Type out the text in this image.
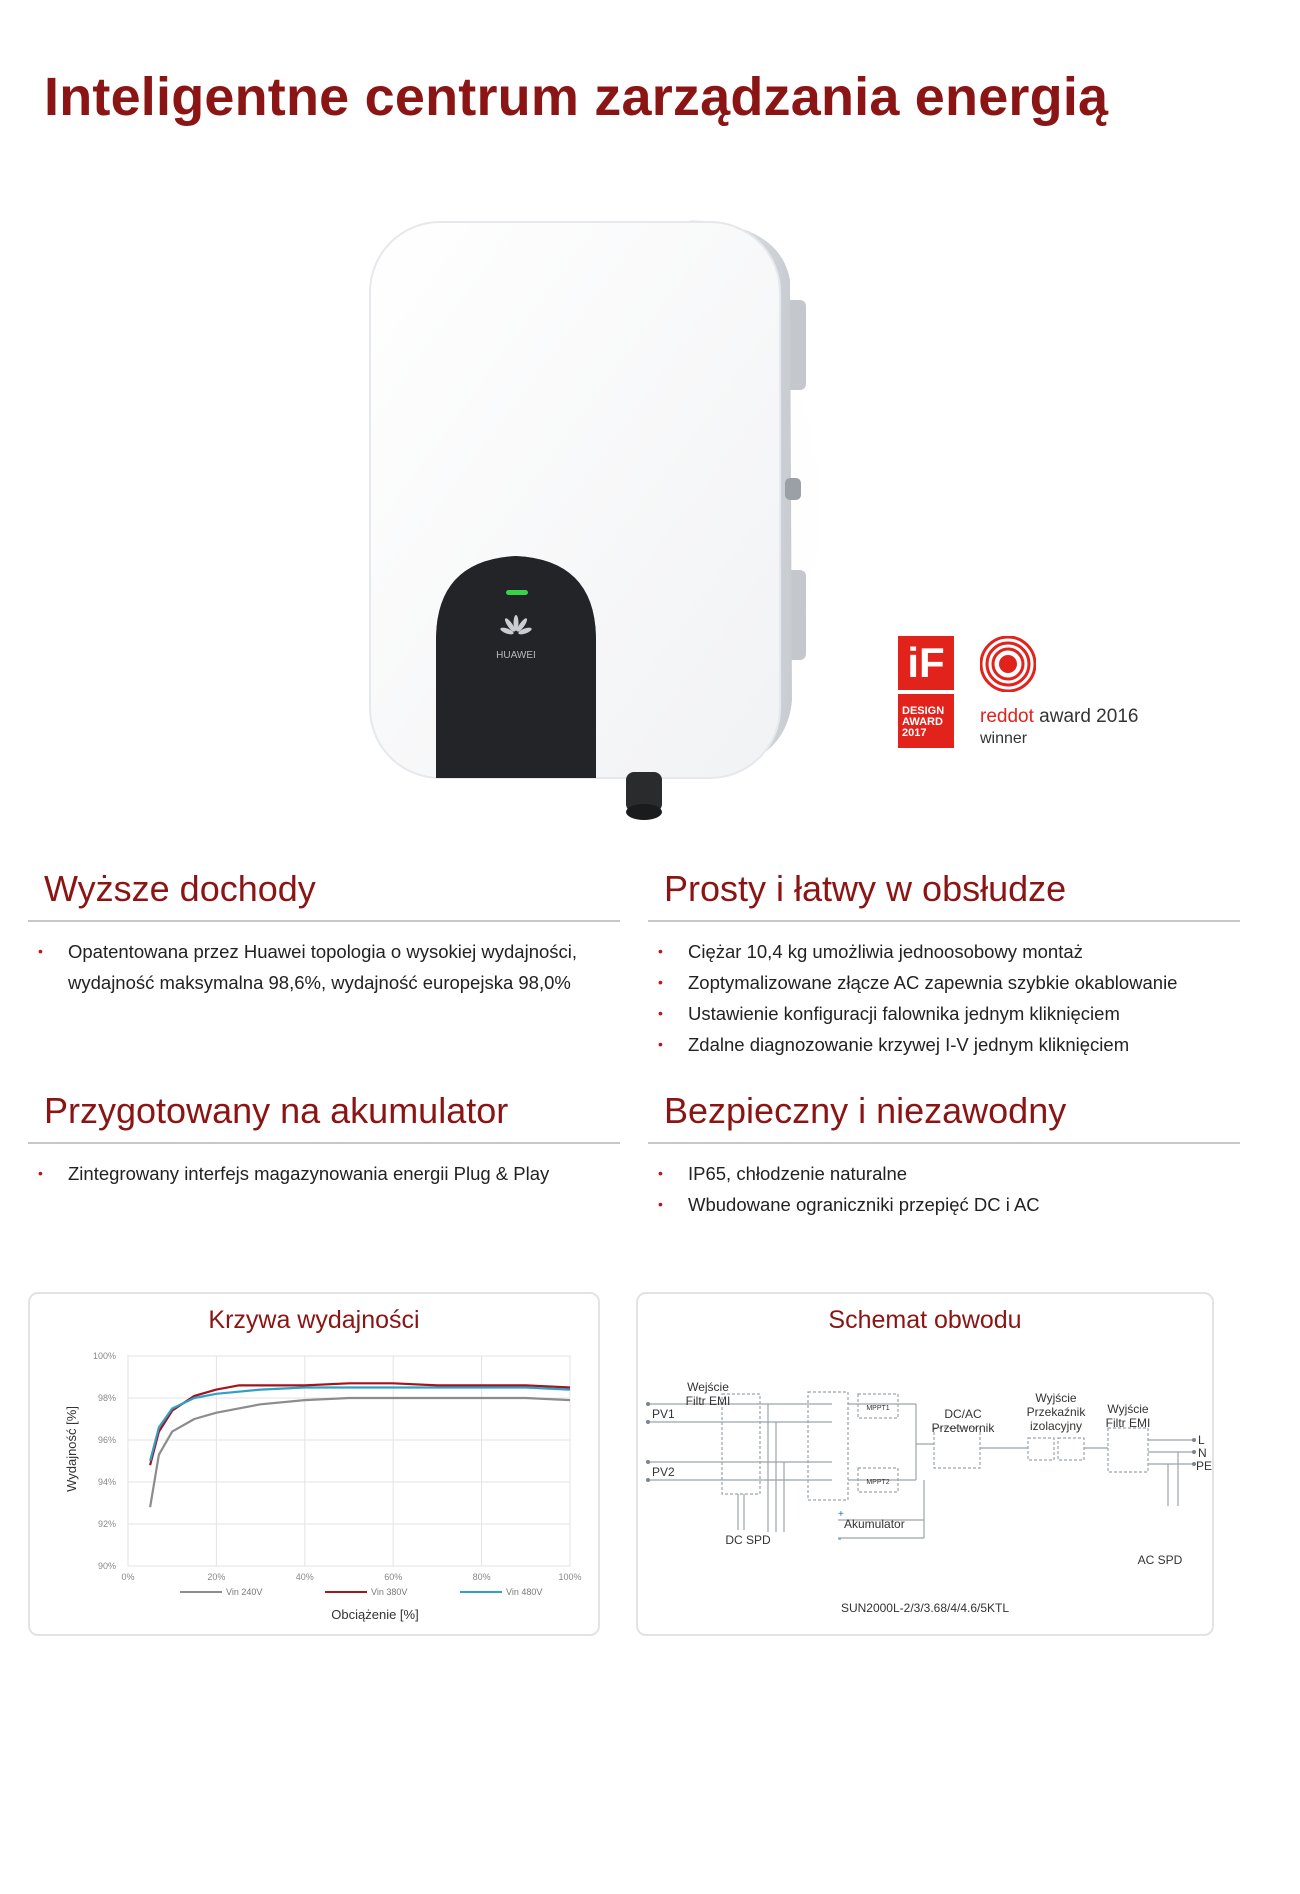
Inteligentne centrum zarządzania energią
HUAWEI	iF
DESIGN
AWARD
2017
reddot award 2016
winner
Wyższe dochody
• Opatentowana przez Huawei topologia o wysokiej wydajności, wydajność maksymalna 98,6%, wydajność europejska 98,0%
Prosty i łatwy w obsłudze
• Ciężar 10,4 kg umożliwia jednoosobowy montaż
• Zoptymalizowane złącze AC zapewnia szybkie okablowanie
• Ustawienie konfiguracji falownika jednym kliknięciem
• Zdalne diagnozowanie krzywej I-V jednym kliknięciem
Przygotowany na akumulator
• Zintegrowany interfejs magazynowania energii Plug & Play
Bezpieczny i niezawodny
• IP65, chłodzenie naturalne
• Wbudowane ograniczniki przepięć DC i AC
Krzywa wydajności
90%
92%
94%
96%
98%
100%
0%	20%	40%	60%	80%	100%
Vin 240V	Vin 380V	Vin 480V
Wydajność [%]
Obciążenie [%]
Schemat obwodu
Wejście
Filtr EMI
PV1
PV2
MPPT1
MPPT2
DC/AC
Przetwornik
Wyjście
Przekaźnik
izolacyjny
Wyjście
Filtr EMI
DC SPD
Akumulator
+
-
AC SPD
L
N
PE
SUN2000L-2/3/3.68/4/4.6/5KTL
